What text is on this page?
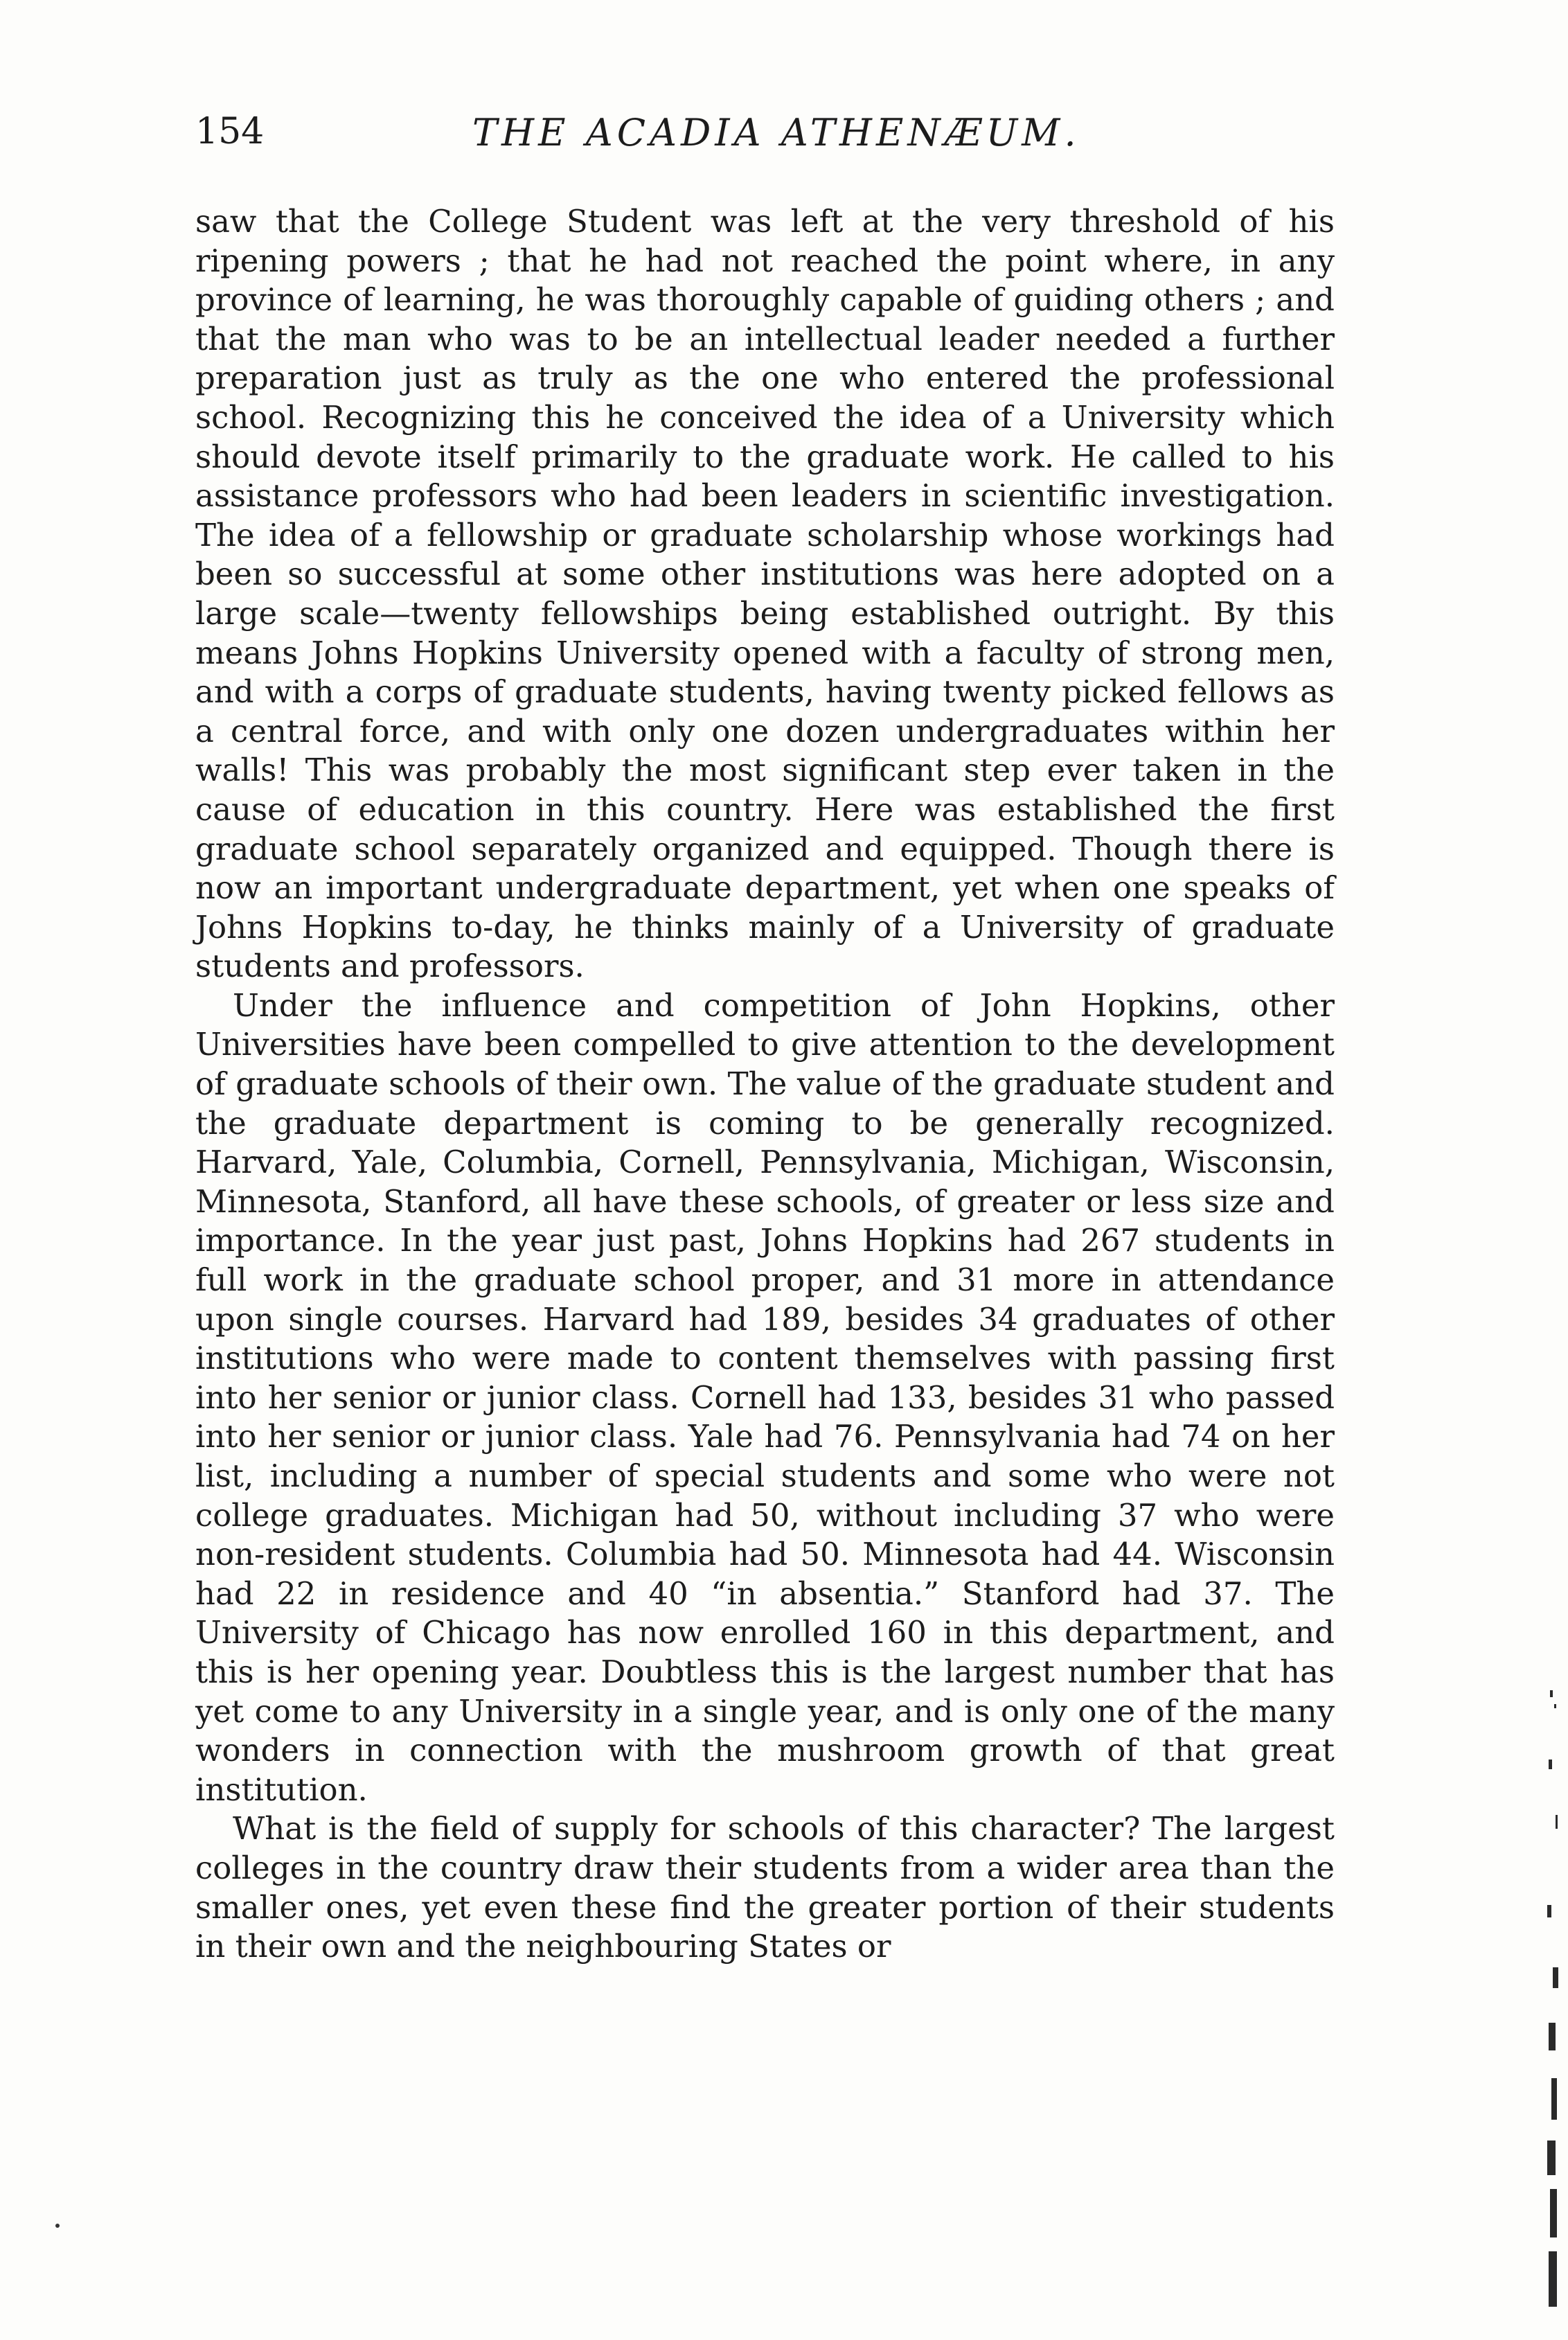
154	THE ACADIA ATHENÆUM.

saw that the College Student was left at the very threshold of his ripening powers ; that he had not reached the point where, in any province of learning, he was thoroughly capable of guiding others ; and that the man who was to be an intellectual leader needed a further preparation just as truly as the one who entered the professional school. Recognizing this he conceived the idea of a University which should devote itself primarily to the graduate work. He called to his assistance professors who had been leaders in scientific investigation. The idea of a fellowship or graduate scholarship whose workings had been so successful at some other institutions was here adopted on a large scale—twenty fellowships being established outright. By this means Johns Hopkins University opened with a faculty of strong men, and with a corps of graduate students, having twenty picked fellows as a central force, and with only one dozen undergraduates within her walls! This was probably the most significant step ever taken in the cause of education in this country. Here was established the first graduate school separately organized and equipped. Though there is now an important undergraduate department, yet when one speaks of Johns Hopkins to-day, he thinks mainly of a University of graduate students and professors.

Under the influence and competition of John Hopkins, other Universities have been compelled to give attention to the development of graduate schools of their own. The value of the graduate student and the graduate department is coming to be generally recognized. Harvard, Yale, Columbia, Cornell, Pennsylvania, Michigan, Wisconsin, Minnesota, Stanford, all have these schools, of greater or less size and importance. In the year just past, Johns Hopkins had 267 students in full work in the graduate school proper, and 31 more in attendance upon single courses. Harvard had 189, besides 34 graduates of other institutions who were made to content themselves with passing first into her senior or junior class. Cornell had 133, besides 31 who passed into her senior or junior class. Yale had 76. Pennsylvania had 74 on her list, including a number of special students and some who were not college graduates. Michigan had 50, without including 37 who were non-resident students. Columbia had 50. Minnesota had 44. Wisconsin had 22 in residence and 40 “in absentia.” Stanford had 37. The University of Chicago has now enrolled 160 in this department, and this is her opening year. Doubtless this is the largest number that has yet come to any University in a single year, and is only one of the many wonders in connection with the mushroom growth of that great institution.

What is the field of supply for schools of this character? The largest colleges in the country draw their students from a wider area than the smaller ones, yet even these find the greater portion of their students in their own and the neighbouring States or
